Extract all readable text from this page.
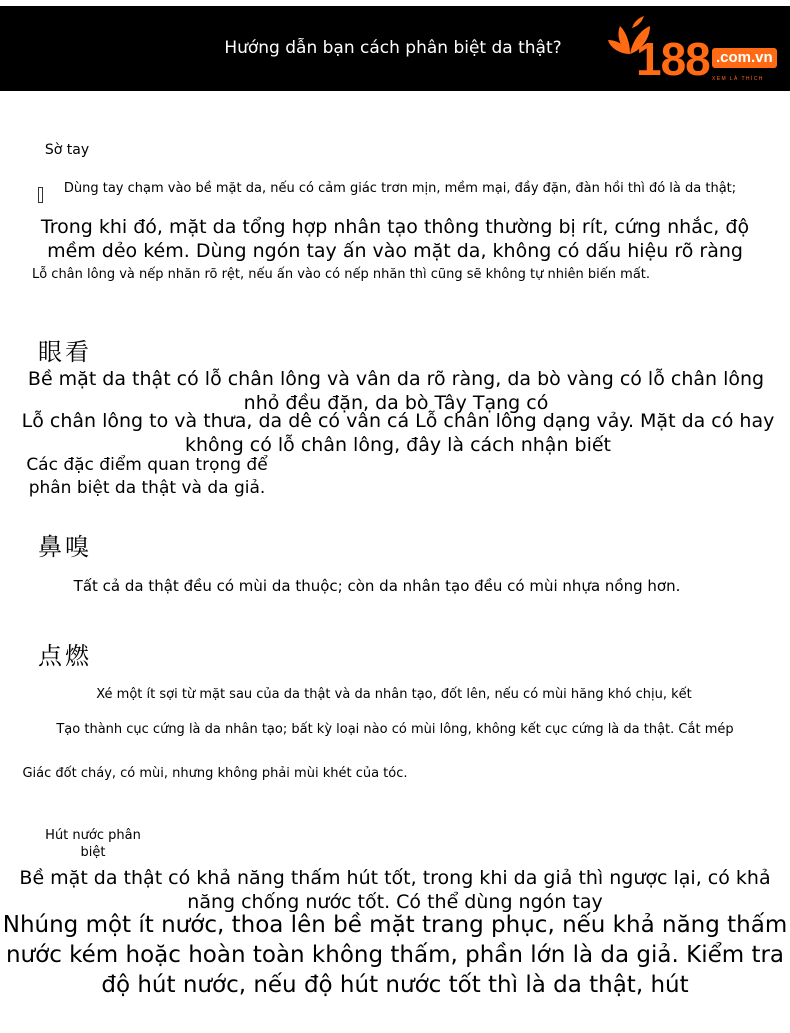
Hướng dẫn bạn cách phân biệt da thật?	188 .com.vn
XEM LÀ THÍCH
Sờ tay
Dùng tay chạm vào bề mặt da, nếu có cảm giác trơn mịn, mềm mại, đầy đặn, đàn hồi thì đó là da thật;
Trong khi đó, mặt da tổng hợp nhân tạo thông thường bị rít, cứng nhắc, độ mềm dẻo kém. Dùng ngón tay ấn vào mặt da, không có dấu hiệu rõ ràng
Lỗ chân lông và nếp nhăn rõ rệt, nếu ấn vào có nếp nhăn thì cũng sẽ không tự nhiên biến mất.
眼看
Bề mặt da thật có lỗ chân lông và vân da rõ ràng, da bò vàng có lỗ chân lông nhỏ đều đặn, da bò Tây Tạng có
Lỗ chân lông to và thưa, da dê có vân cá Lỗ chân lông dạng vảy. Mặt da có hay không có lỗ chân lông, đây là cách nhận biết
Các đặc điểm quan trọng để phân biệt da thật và da giả.
鼻嗅
Tất cả da thật đều có mùi da thuộc; còn da nhân tạo đều có mùi nhựa nồng hơn.
点燃
Xé một ít sợi từ mặt sau của da thật và da nhân tạo, đốt lên, nếu có mùi hăng khó chịu, kết
Tạo thành cục cứng là da nhân tạo; bất kỳ loại nào có mùi lông, không kết cục cứng là da thật. Cắt mép
Giác đốt cháy, có mùi, nhưng không phải mùi khét của tóc.
Hút nước phân biệt
Bề mặt da thật có khả năng thấm hút tốt, trong khi da giả thì ngược lại, có khả năng chống nước tốt. Có thể dùng ngón tay
Nhúng một ít nước, thoa lên bề mặt trang phục, nếu khả năng thấm nước kém hoặc hoàn toàn không thấm, phần lớn là da giả. Kiểm tra độ hút nước, nếu độ hút nước tốt thì là da thật, hút
